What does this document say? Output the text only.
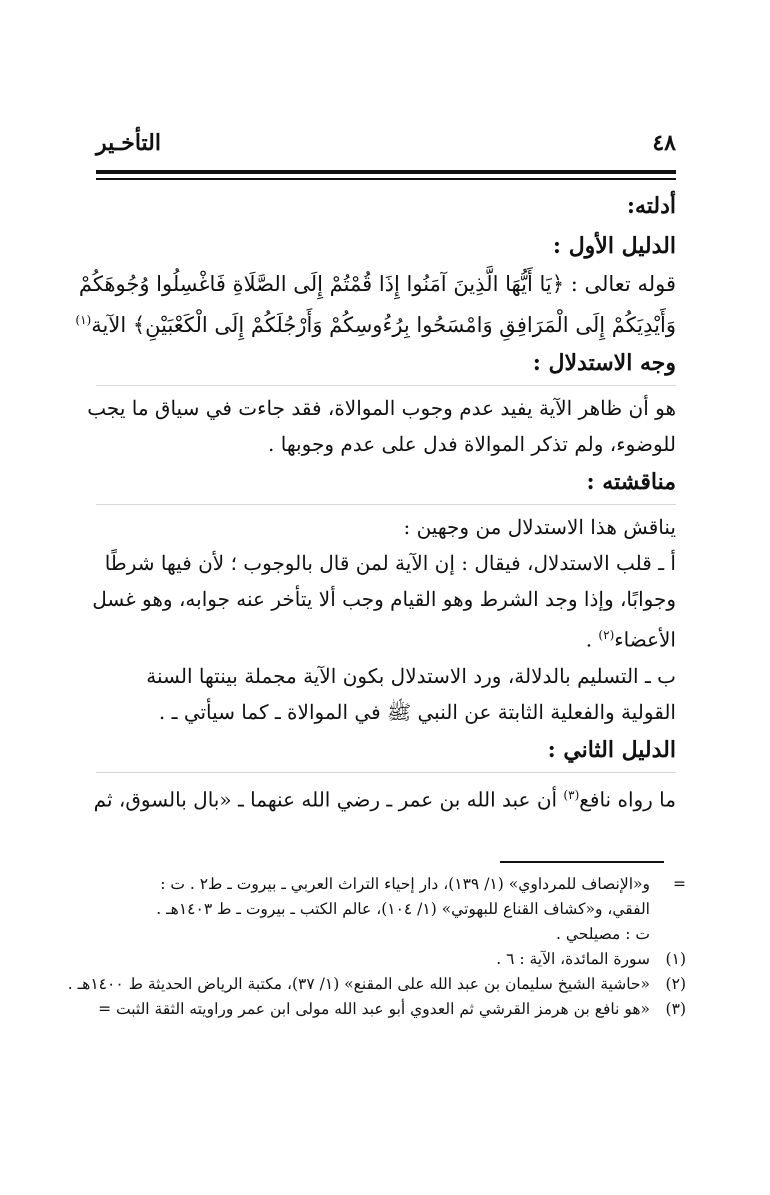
٤٨
التأخـير

أدلته:

الدليل الأول :

قوله تعالى : ﴿يَا أَيُّهَا الَّذِينَ آمَنُوا إِذَا قُمْتُمْ إِلَى الصَّلَاةِ فَاغْسِلُوا وُجُوهَكُمْ

وَأَيْدِيَكُمْ إِلَى الْمَرَافِقِ وَامْسَحُوا بِرُءُوسِكُمْ وَأَرْجُلَكُمْ إِلَى الْكَعْبَيْنِ﴾ الآية$^{(١)}$

وجه الاستدلال :

هو أن ظاهر الآية يفيد عدم وجوب الموالاة، فقد جاءت في سياق ما يجب

للوضوء، ولم تذكر الموالاة فدل على عدم وجوبها .

مناقشته :

يناقش هذا الاستدلال من وجهين :

أ ـ قلب الاستدلال، فيقال : إن الآية لمن قال بالوجوب ؛ لأن فيها شرطًا

وجوابًا، وإذا وجد الشرط وهو القيام وجب ألا يتأخر عنه جوابه، وهو غسل

الأعضاء$^{(٢)}$ .

ب ـ التسليم بالدلالة، ورد الاستدلال بكون الآية مجملة بينتها السنة

القولية والفعلية الثابتة عن النبي ﷺ في الموالاة ـ كما سيأتي ـ .

الدليل الثاني :

ما رواه نافع$^{(٣)}$ أن عبد الله بن عمر ـ رضي الله عنهما ـ «بال بالسوق، ثم

=و«الإنصاف للمرداوي» (١/ ١٣٩)، دار إحياء التراث العربي ـ بيروت ـ ط٢ . ت :

الفقي، و«كشاف القناع للبهوتي» (١/ ١٠٤)، عالم الكتب ـ بيروت ـ ط ١٤٠٣هـ .

ت : مصيلحي .

(١)سورة المائدة، الآية : ٦ .

(٢)«حاشية الشيخ سليمان بن عبد الله على المقنع» (١/ ٣٧)، مكتبة الرياض الحديثة ط ١٤٠٠هـ .

(٣)«هو نافع بن هرمز القرشي ثم العدوي أبو عبد الله مولى ابن عمر وراويته الثقة الثبت =
